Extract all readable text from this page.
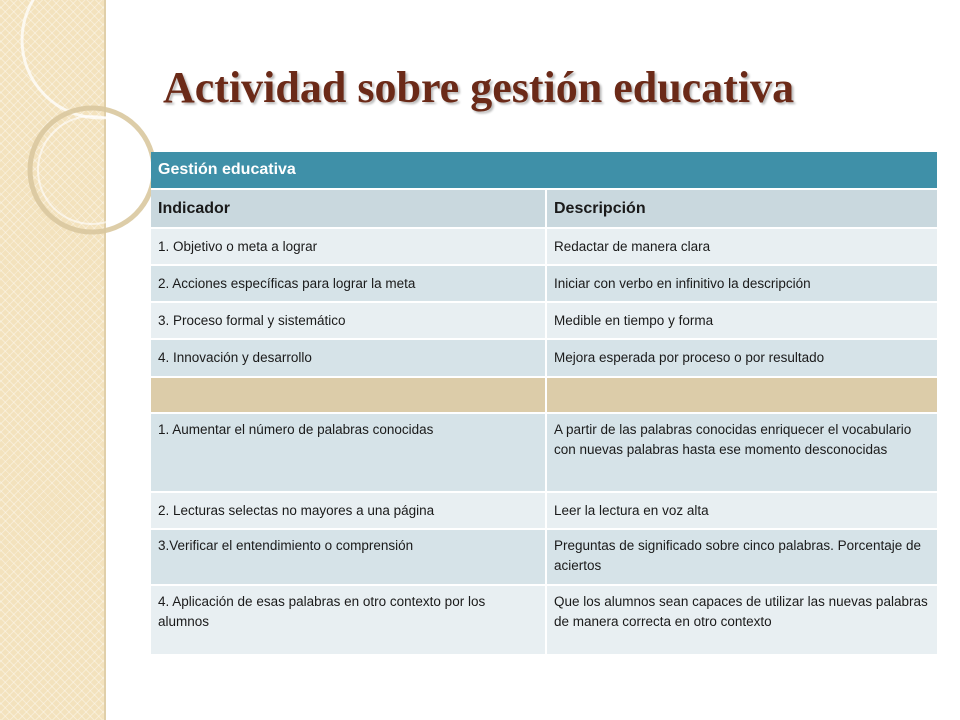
Actividad sobre gestión educativa
Gestión educativa	
Indicador	Descripción
1. Objetivo o meta a lograr	Redactar de manera clara
2. Acciones específicas para lograr la meta	Iniciar con verbo en infinitivo la descripción
3. Proceso formal y sistemático	Medible en tiempo y forma
4. Innovación y desarrollo	Mejora esperada por proceso o por resultado

1. Aumentar el número de palabras conocidas	A partir de las palabras conocidas enriquecer el vocabulario con nuevas palabras hasta ese momento desconocidas
2. Lecturas selectas no mayores a una página	Leer la lectura en voz alta
3.Verificar el entendimiento o comprensión	Preguntas de significado sobre cinco palabras. Porcentaje de aciertos
4. Aplicación de esas palabras en otro contexto por los alumnos	Que los alumnos sean capaces de utilizar las nuevas palabras de manera correcta en otro contexto
